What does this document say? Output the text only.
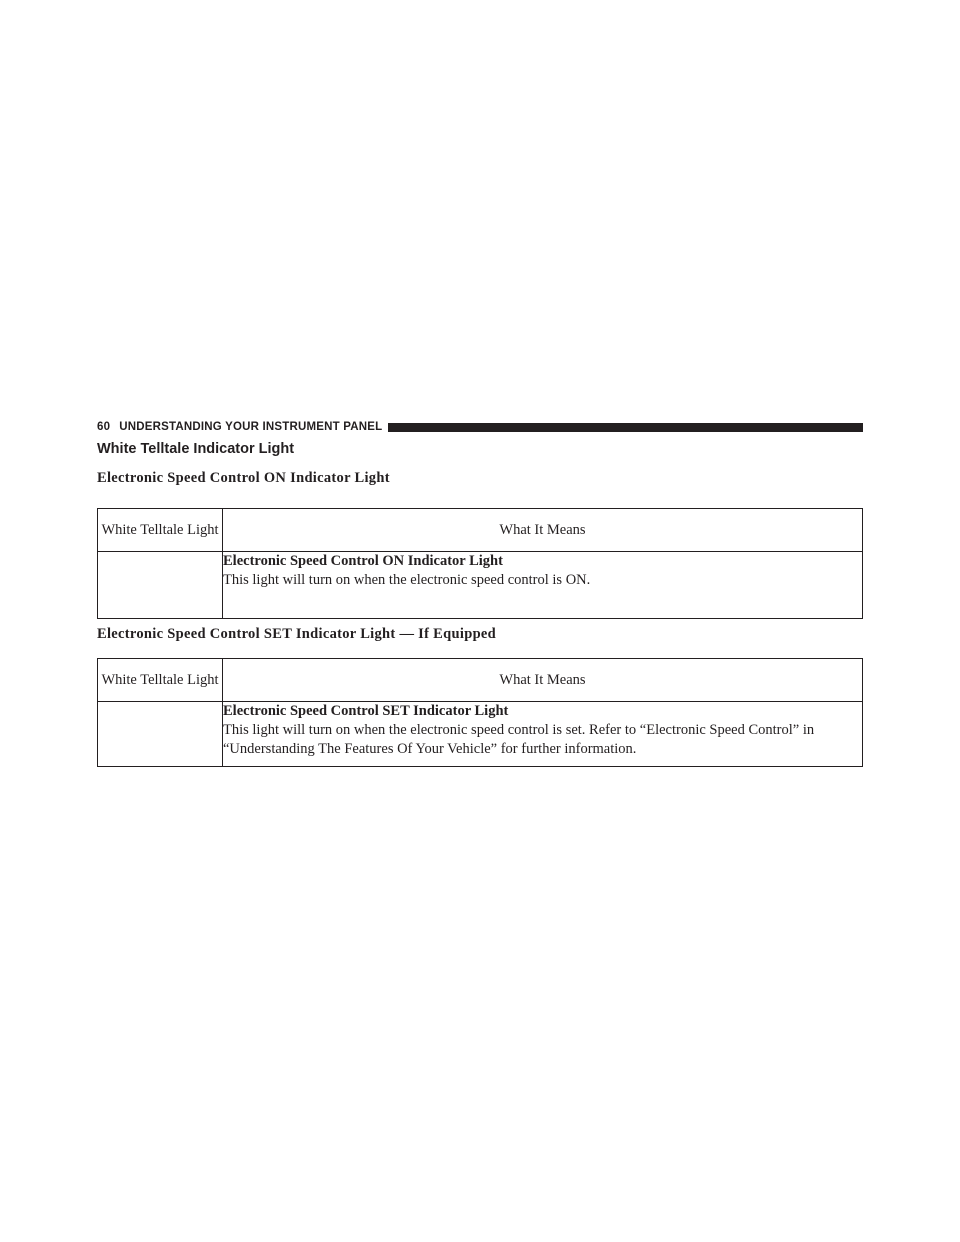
60 UNDERSTANDING YOUR INSTRUMENT PANEL
White Telltale Indicator Light
Electronic Speed Control ON Indicator Light
White Telltale Light	What It Means

	Electronic Speed Control ON Indicator Light
This light will turn on when the electronic speed control is ON.
Electronic Speed Control SET Indicator Light — If Equipped
White Telltale Light	What It Means

	Electronic Speed Control SET Indicator Light
This light will turn on when the electronic speed control is set. Refer to “Electronic Speed Control” in “Understanding The Features Of Your Vehicle” for further information.
